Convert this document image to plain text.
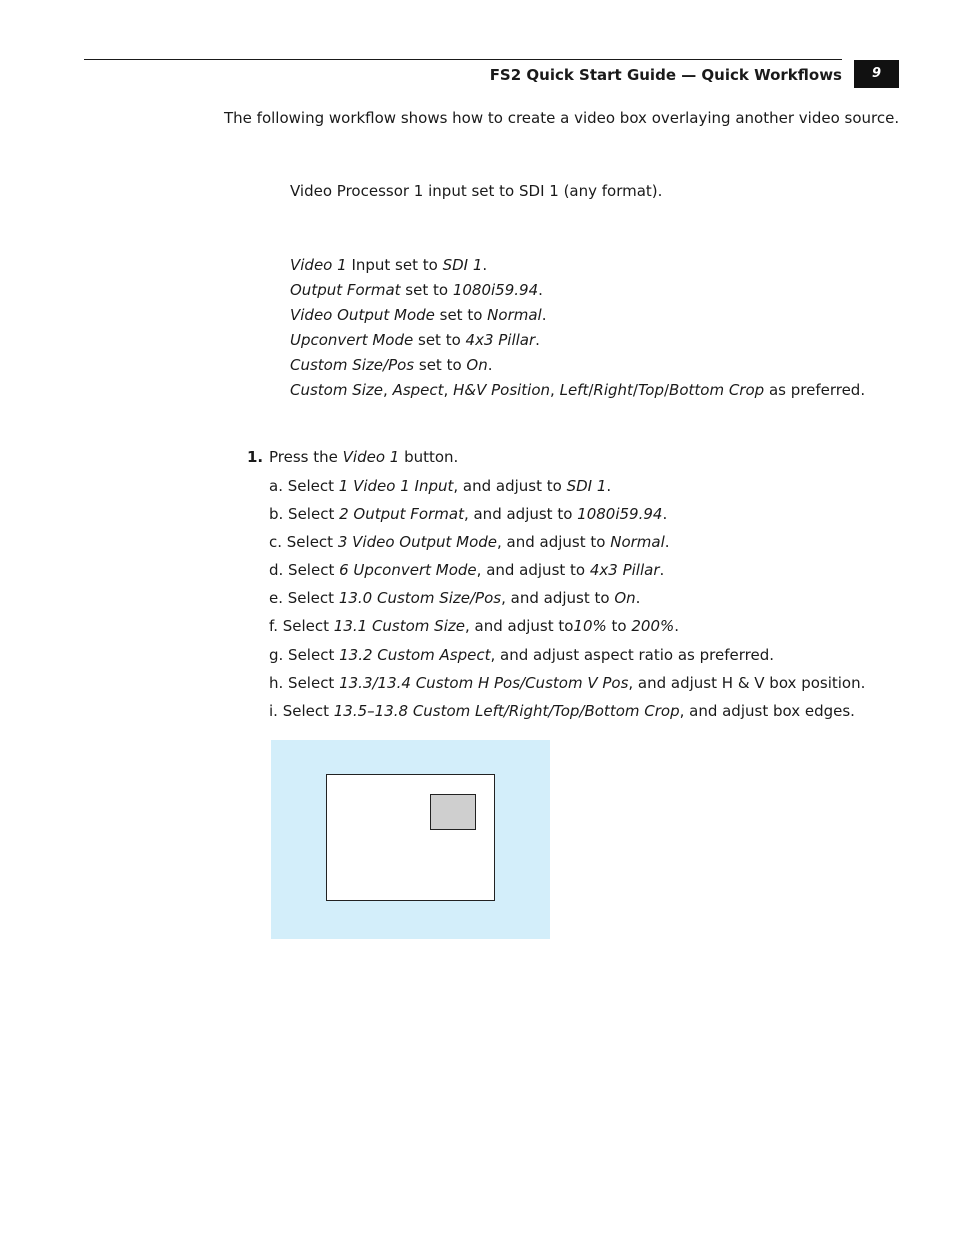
FS2 Quick Start Guide — Quick Workflows	9
The following workflow shows how to create a video box overlaying another video source.
Video Processor 1 input set to SDI 1 (any format).
Video 1 Input set to SDI 1.
Output Format set to 1080i59.94.
Video Output Mode set to Normal.
Upconvert Mode set to 4x3 Pillar.
Custom Size/Pos set to On.
Custom Size, Aspect, H&V Position, Left/Right/Top/Bottom Crop as preferred.
1. Press the Video 1 button.
a. Select 1 Video 1 Input, and adjust to SDI 1.
b. Select 2 Output Format, and adjust to 1080i59.94.
c. Select 3 Video Output Mode, and adjust to Normal.
d. Select 6 Upconvert Mode, and adjust to 4x3 Pillar.
e. Select 13.0 Custom Size/Pos, and adjust to On.
f. Select 13.1 Custom Size, and adjust to10% to 200%.
g. Select 13.2 Custom Aspect, and adjust aspect ratio as preferred.
h. Select 13.3/13.4 Custom H Pos/Custom V Pos, and adjust H & V box position.
i. Select 13.5–13.8 Custom Left/Right/Top/Bottom Crop, and adjust box edges.
